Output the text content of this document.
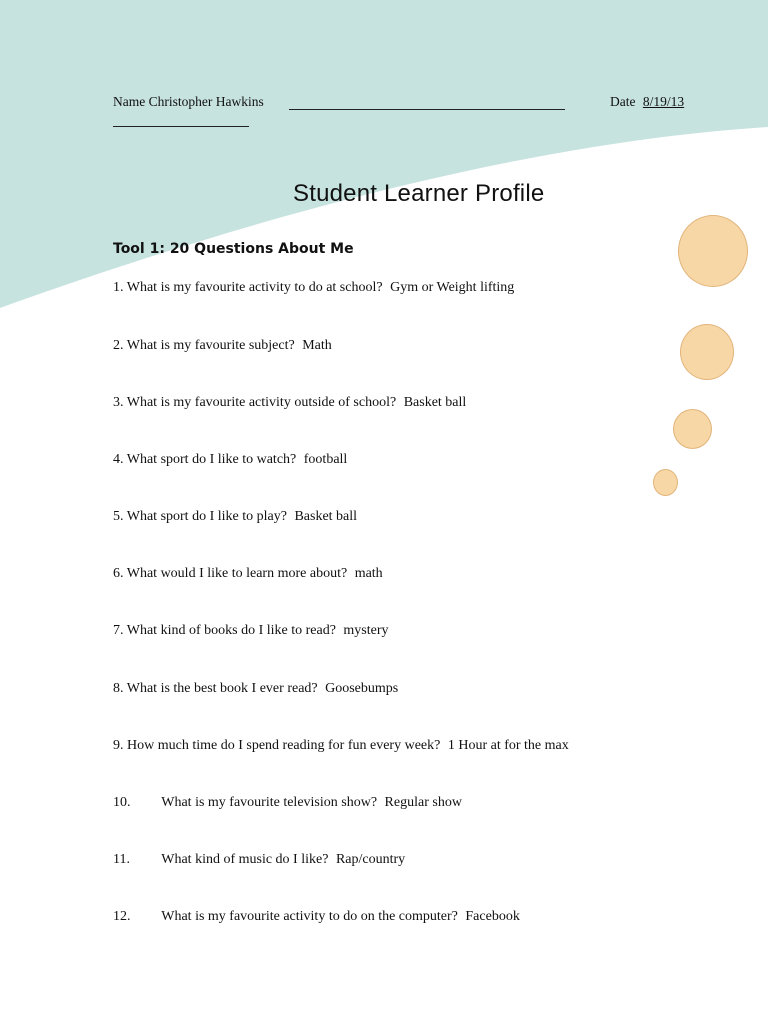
Name Christopher Hawkins	Date 8/19/13
Student Learner Profile
Tool 1: 20 Questions About Me
1. What is my favourite activity to do at school? Gym or Weight lifting
2. What is my favourite subject? Math
3. What is my favourite activity outside of school? Basket ball
4. What sport do I like to watch? football
5. What sport do I like to play? Basket ball
6. What would I like to learn more about? math
7. What kind of books do I like to read? mystery
8. What is the best book I ever read? Goosebumps
9. How much time do I spend reading for fun every week? 1 Hour at for the max
10. What is my favourite television show? Regular show
11. What kind of music do I like? Rap/country
12. What is my favourite activity to do on the computer? Facebook
